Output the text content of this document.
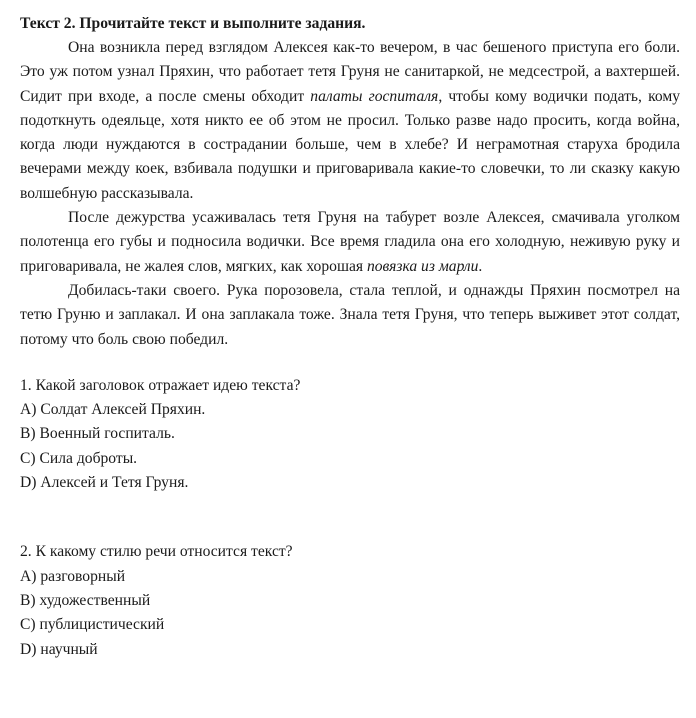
Текст 2. Прочитайте текст и выполните задания.

Она возникла перед взглядом Алексея как-то вечером, в час бешеного приступа его боли. Это уж потом узнал Пряхин, что работает тетя Груня не санитаркой, не медсестрой, а вахтершей. Сидит при входе, а после смены обходит палаты госпиталя, чтобы кому водички подать, кому подоткнуть одеяльце, хотя никто ее об этом не просил. Только разве надо просить, когда война, когда люди нуждаются в сострадании больше, чем в хлебе? И неграмотная старуха бродила вечерами между коек, взбивала подушки и приговаривала какие-то словечки, то ли сказку какую волшебную рассказывала.

После дежурства усаживалась тетя Груня на табурет возле Алексея, смачивала уголком полотенца его губы и подносила водички. Все время гладила она его холодную, неживую руку и приговаривала, не жалея слов, мягких, как хорошая повязка из марли.

Добилась-таки своего. Рука порозовела, стала теплой, и однажды Пряхин посмотрел на тетю Груню и заплакал. И она заплакала тоже. Знала тетя Груня, что теперь выживет этот солдат, потому что боль свою победил.

1. Какой заголовок отражает идею текста?
A) Солдат Алексей Пряхин.
B) Военный госпиталь.
C) Сила доброты.
D) Алексей и Тетя Груня.
2. К какому стилю речи относится текст?
A) разговорный
B) художественный
C) публицистический
D) научный
